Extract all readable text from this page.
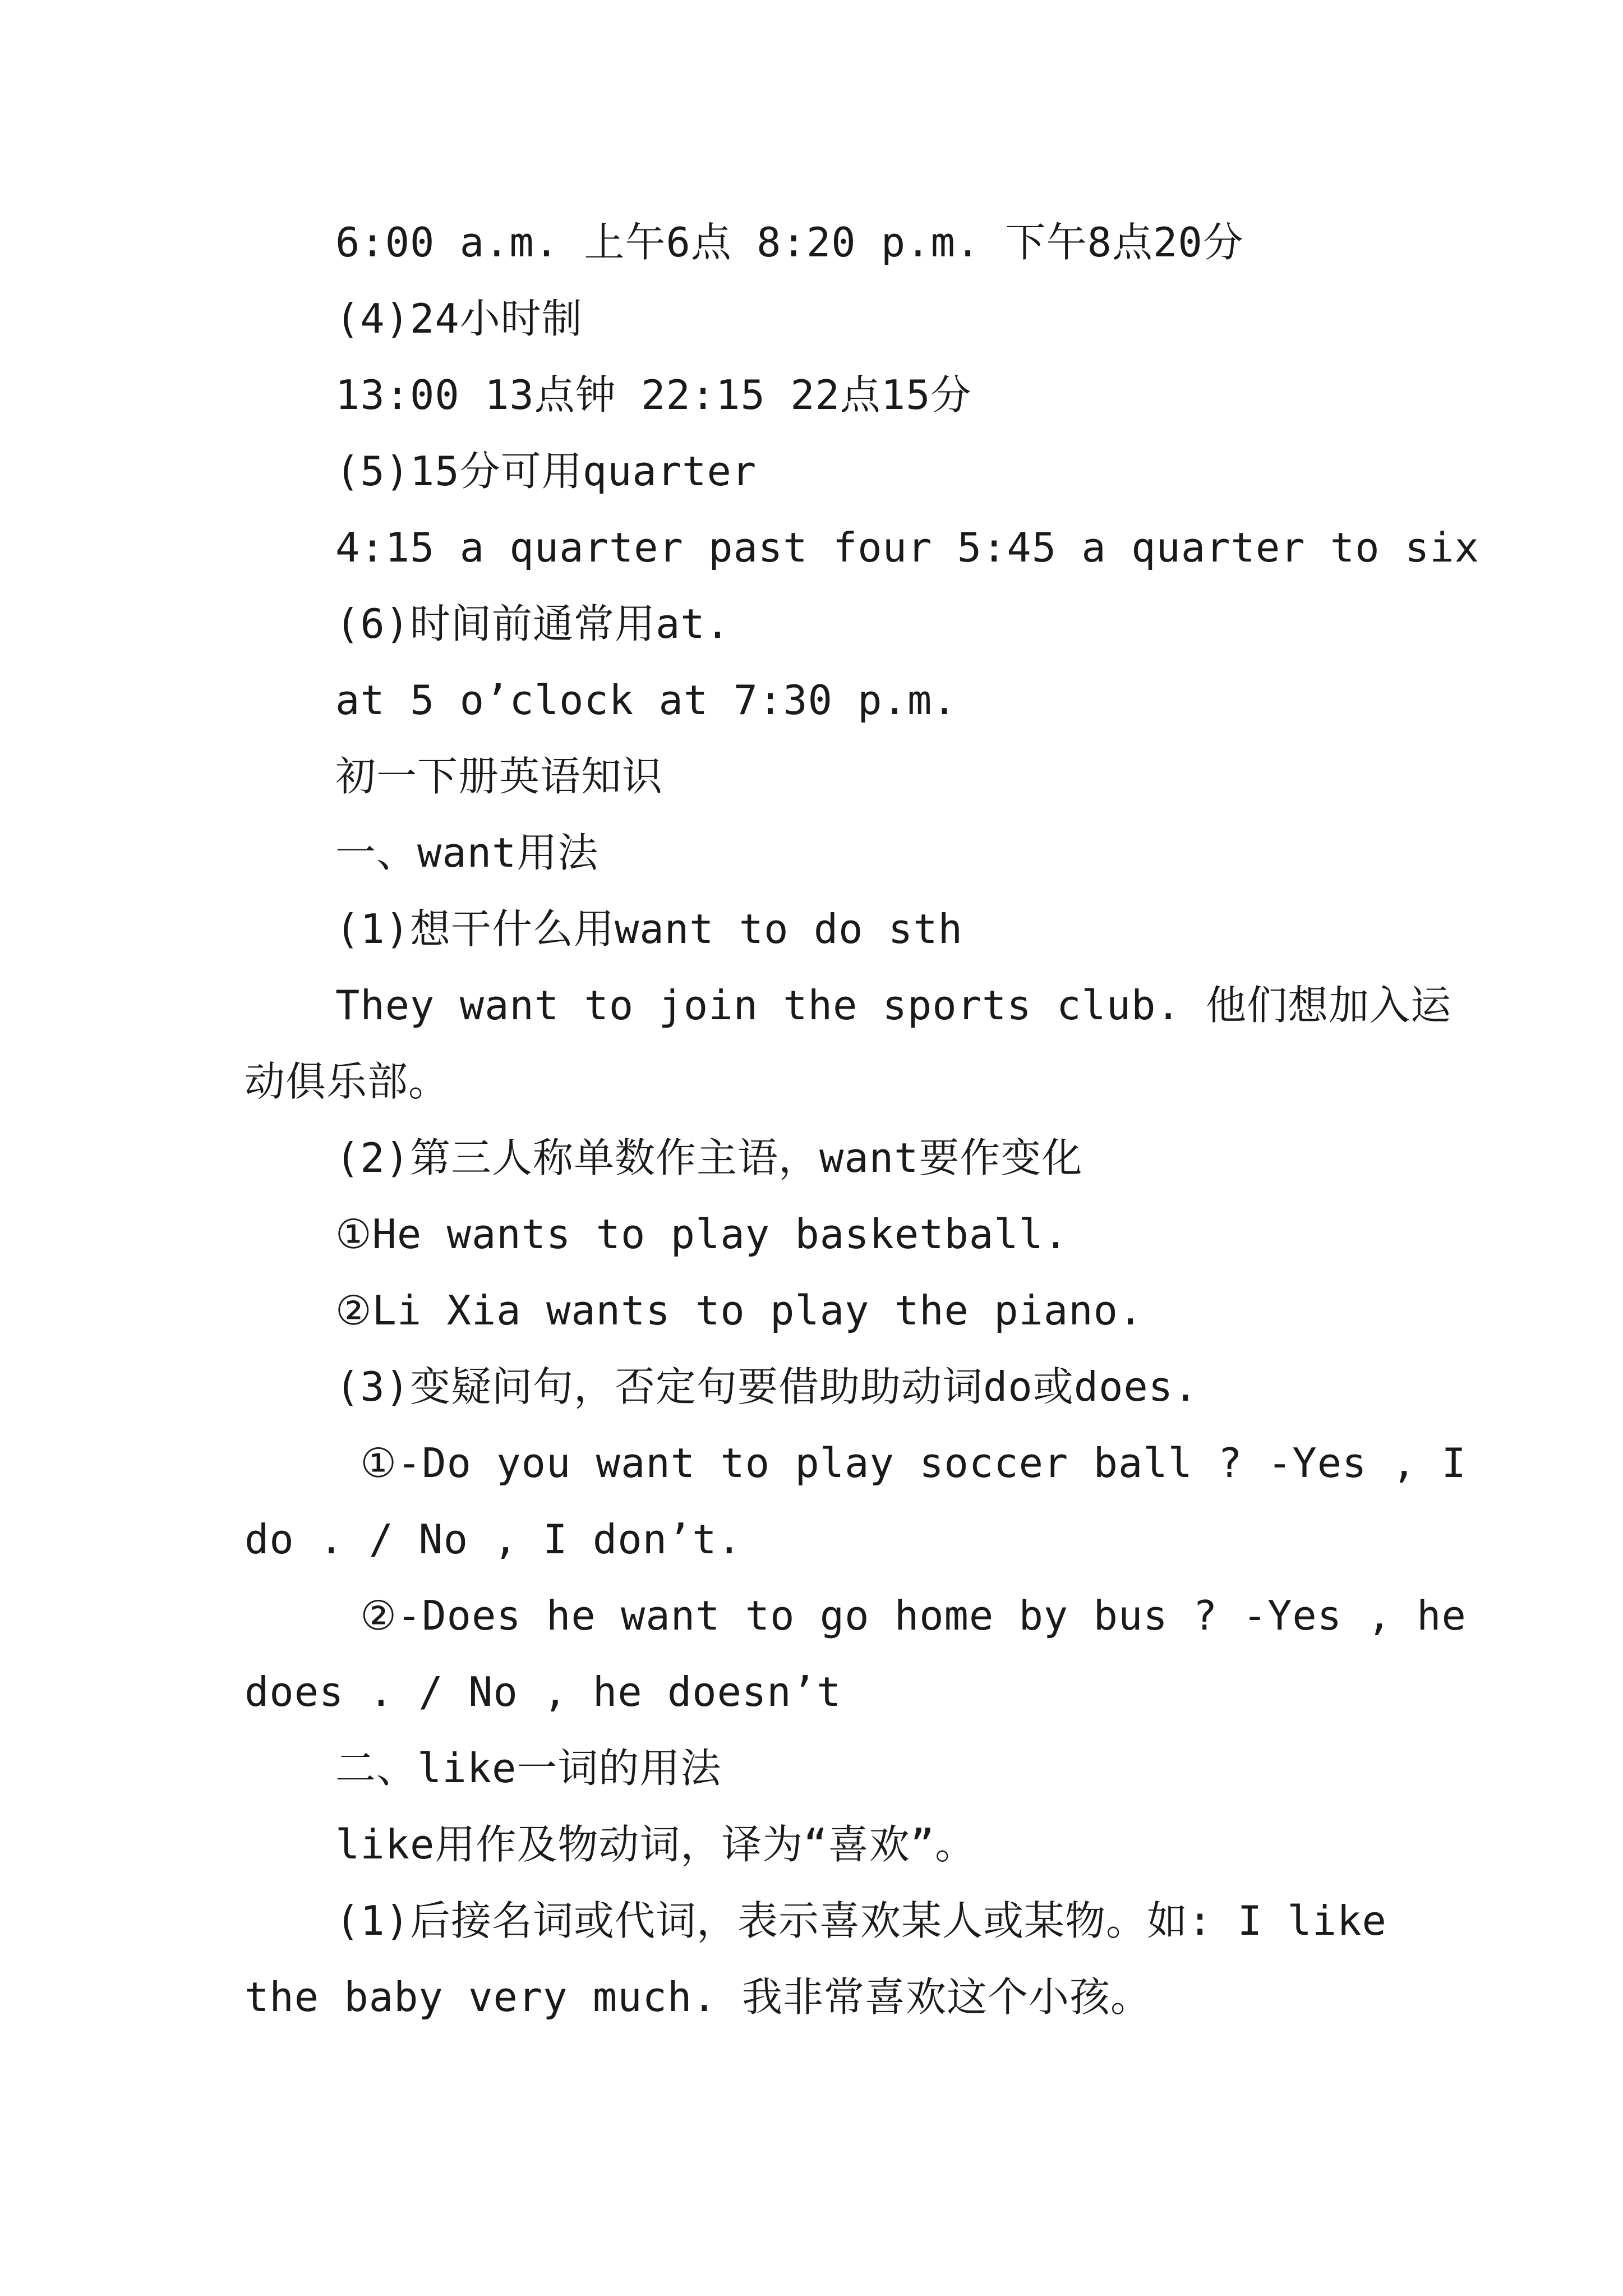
6:00 a.m. 上午6点 8:20 p.m. 下午8点20分
(4)24小时制
13:00 13点钟 22:15 22点15分
(5)15分可用quarter
4:15 a quarter past four 5:45 a quarter to six
(6)时间前通常用at.
at 5 o’clock at 7:30 p.m.
初一下册英语知识
一、want用法
(1)想干什么用want to do sth
They want to join the sports club. 他们想加入运
动俱乐部。
(2)第三人称单数作主语，want要作变化
①He wants to play basketball.
②Li Xia wants to play the piano.
(3)变疑问句，否定句要借助助动词do或does.
①-Do you want to play soccer ball ? -Yes , I
do . / No , I don’t.
②-Does he want to go home by bus ? -Yes , he
does . / No , he doesn’t
二、like一词的用法
like用作及物动词，译为“喜欢”。
(1)后接名词或代词，表示喜欢某人或某物。如: I like
the baby very much. 我非常喜欢这个小孩。
